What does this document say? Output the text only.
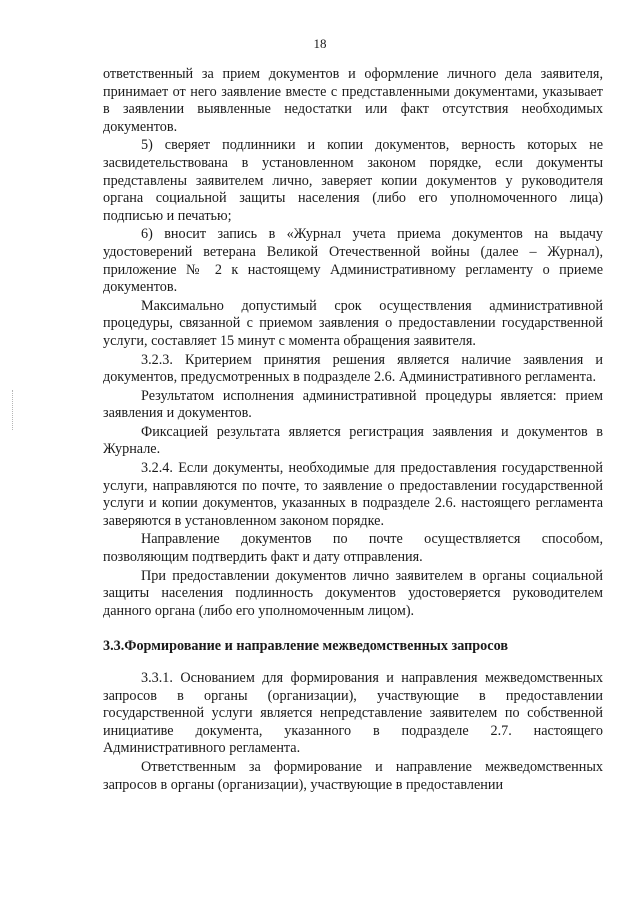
18

ответственный за прием документов и оформление личного дела заявителя, принимает от него заявление вместе с представленными документами, указывает в заявлении выявленные недостатки или факт отсутствия необходимых документов.

5) сверяет подлинники и копии документов, верность которых не засвидетельствована в установленном законом порядке, если документы представлены заявителем лично, заверяет копии документов у руководителя органа социальной защиты населения (либо его уполномоченного лица) подписью и печатью;

6) вносит запись в «Журнал учета приема документов на выдачу удостоверений ветерана Великой Отечественной войны (далее – Журнал), приложение № 2 к настоящему Административному регламенту о приеме документов.

Максимально допустимый срок осуществления административной процедуры, связанной с приемом заявления о предоставлении государственной услуги, составляет 15 минут с момента обращения заявителя.

3.2.3. Критерием принятия решения является наличие заявления и документов, предусмотренных в подразделе 2.6. Административного регламента.

Результатом исполнения административной процедуры является: прием заявления и документов.

Фиксацией результата является регистрация заявления и документов в Журнале.

3.2.4. Если документы, необходимые для предоставления государственной услуги, направляются по почте, то заявление о предоставлении государственной услуги и копии документов, указанных в подразделе 2.6. настоящего регламента заверяются в установленном законом порядке.

Направление документов по почте осуществляется способом, позволяющим подтвердить факт и дату отправления.

При предоставлении документов лично заявителем в органы социальной защиты населения подлинность документов удостоверяется руководителем данного органа (либо его уполномоченным лицом).

3.3.Формирование и направление межведомственных запросов

3.3.1. Основанием для формирования и направления межведомственных запросов в органы (организации), участвующие в предоставлении государственной услуги является непредставление заявителем по собственной инициативе документа, указанного в подразделе 2.7. настоящего Административного регламента.

Ответственным за формирование и направление межведомственных запросов в органы (организации), участвующие в предоставлении
